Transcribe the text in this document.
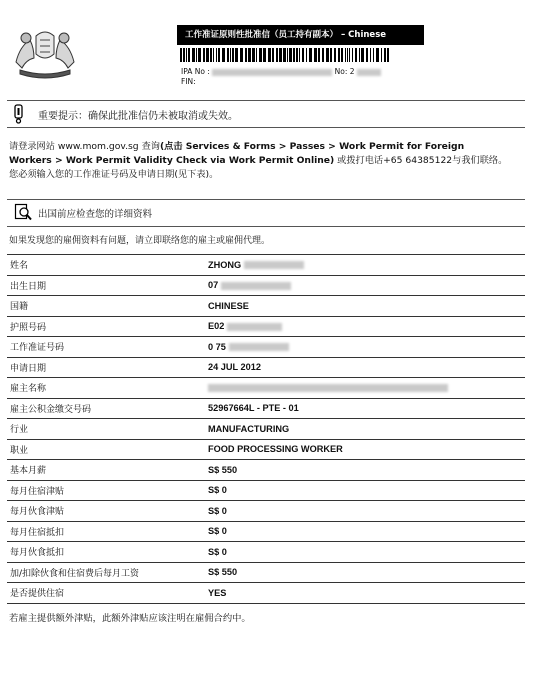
工作准证原则性批准信（员工持有副本） – Chinese
IPA No :	No: 2
FIN:
重要提示：确保此批准信仍未被取消或失效。
请登录网站 www.mom.gov.sg 查询(点击 Services & Forms > Passes > Work Permit for Foreign
Workers > Work Permit Validity Check via Work Permit Online) 或拨打电话+65 64385122与我们联络。
您必须输入您的工作准证号码及申请日期(见下表)。
出国前应检查您的详细资料
如果发现您的雇佣资料有问题，请立即联络您的雇主或雇佣代理。
姓名	ZHONG
出生日期	07
国籍	CHINESE
护照号码	E02
工作准证号码	0 75
申请日期	24 JUL 2012
雇主名称	
雇主公积金缴交号码	52967664L - PTE - 01
行业	MANUFACTURING
职业	FOOD PROCESSING WORKER
基本月薪	S$ 550
每月住宿津贴	S$ 0
每月伙食津贴	S$ 0
每月住宿抵扣	S$ 0
每月伙食抵扣	S$ 0
加/扣除伙食和住宿费后每月工资	S$ 550
是否提供住宿	YES
若雇主提供额外津贴，此额外津贴应该注明在雇佣合约中。
